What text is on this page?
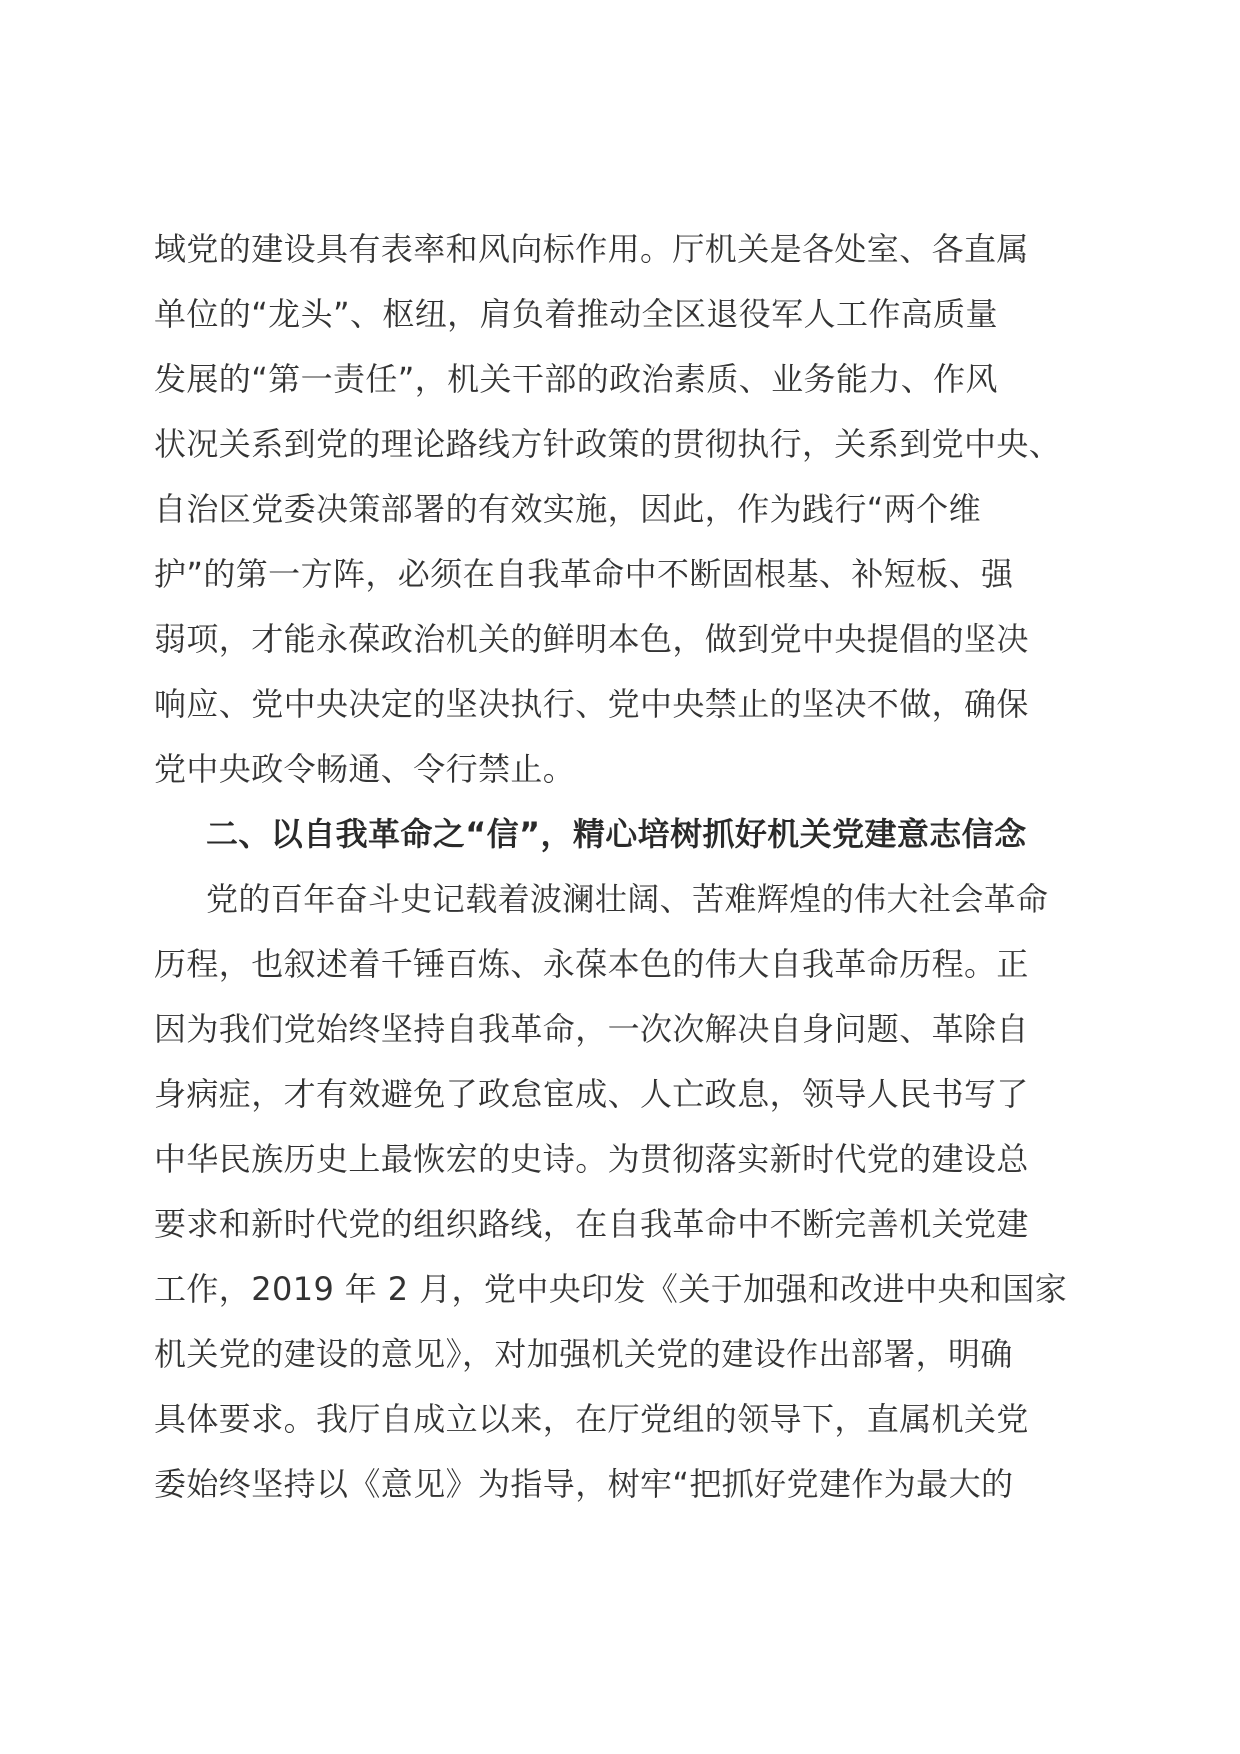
域党的建设具有表率和风向标作用。厅机关是各处室、各直属
单位的“龙头”、枢纽，肩负着推动全区退役军人工作高质量
发展的“第一责任”，机关干部的政治素质、业务能力、作风
状况关系到党的理论路线方针政策的贯彻执行，关系到党中央、
自治区党委决策部署的有效实施，因此，作为践行“两个维
护”的第一方阵，必须在自我革命中不断固根基、补短板、强
弱项，才能永葆政治机关的鲜明本色，做到党中央提倡的坚决
响应、党中央决定的坚决执行、党中央禁止的坚决不做，确保
党中央政令畅通、令行禁止。
二、以自我革命之“信”，精心培树抓好机关党建意志信念
党的百年奋斗史记载着波澜壮阔、苦难辉煌的伟大社会革命
历程，也叙述着千锤百炼、永葆本色的伟大自我革命历程。正
因为我们党始终坚持自我革命，一次次解决自身问题、革除自
身病症，才有效避免了政怠宦成、人亡政息，领导人民书写了
中华民族历史上最恢宏的史诗。为贯彻落实新时代党的建设总
要求和新时代党的组织路线，在自我革命中不断完善机关党建
工作，2019 年 2 月，党中央印发《关于加强和改进中央和国家
机关党的建设的意见》，对加强机关党的建设作出部署，明确
具体要求。我厅自成立以来，在厅党组的领导下，直属机关党
委始终坚持以《意见》为指导，树牢“把抓好党建作为最大的
